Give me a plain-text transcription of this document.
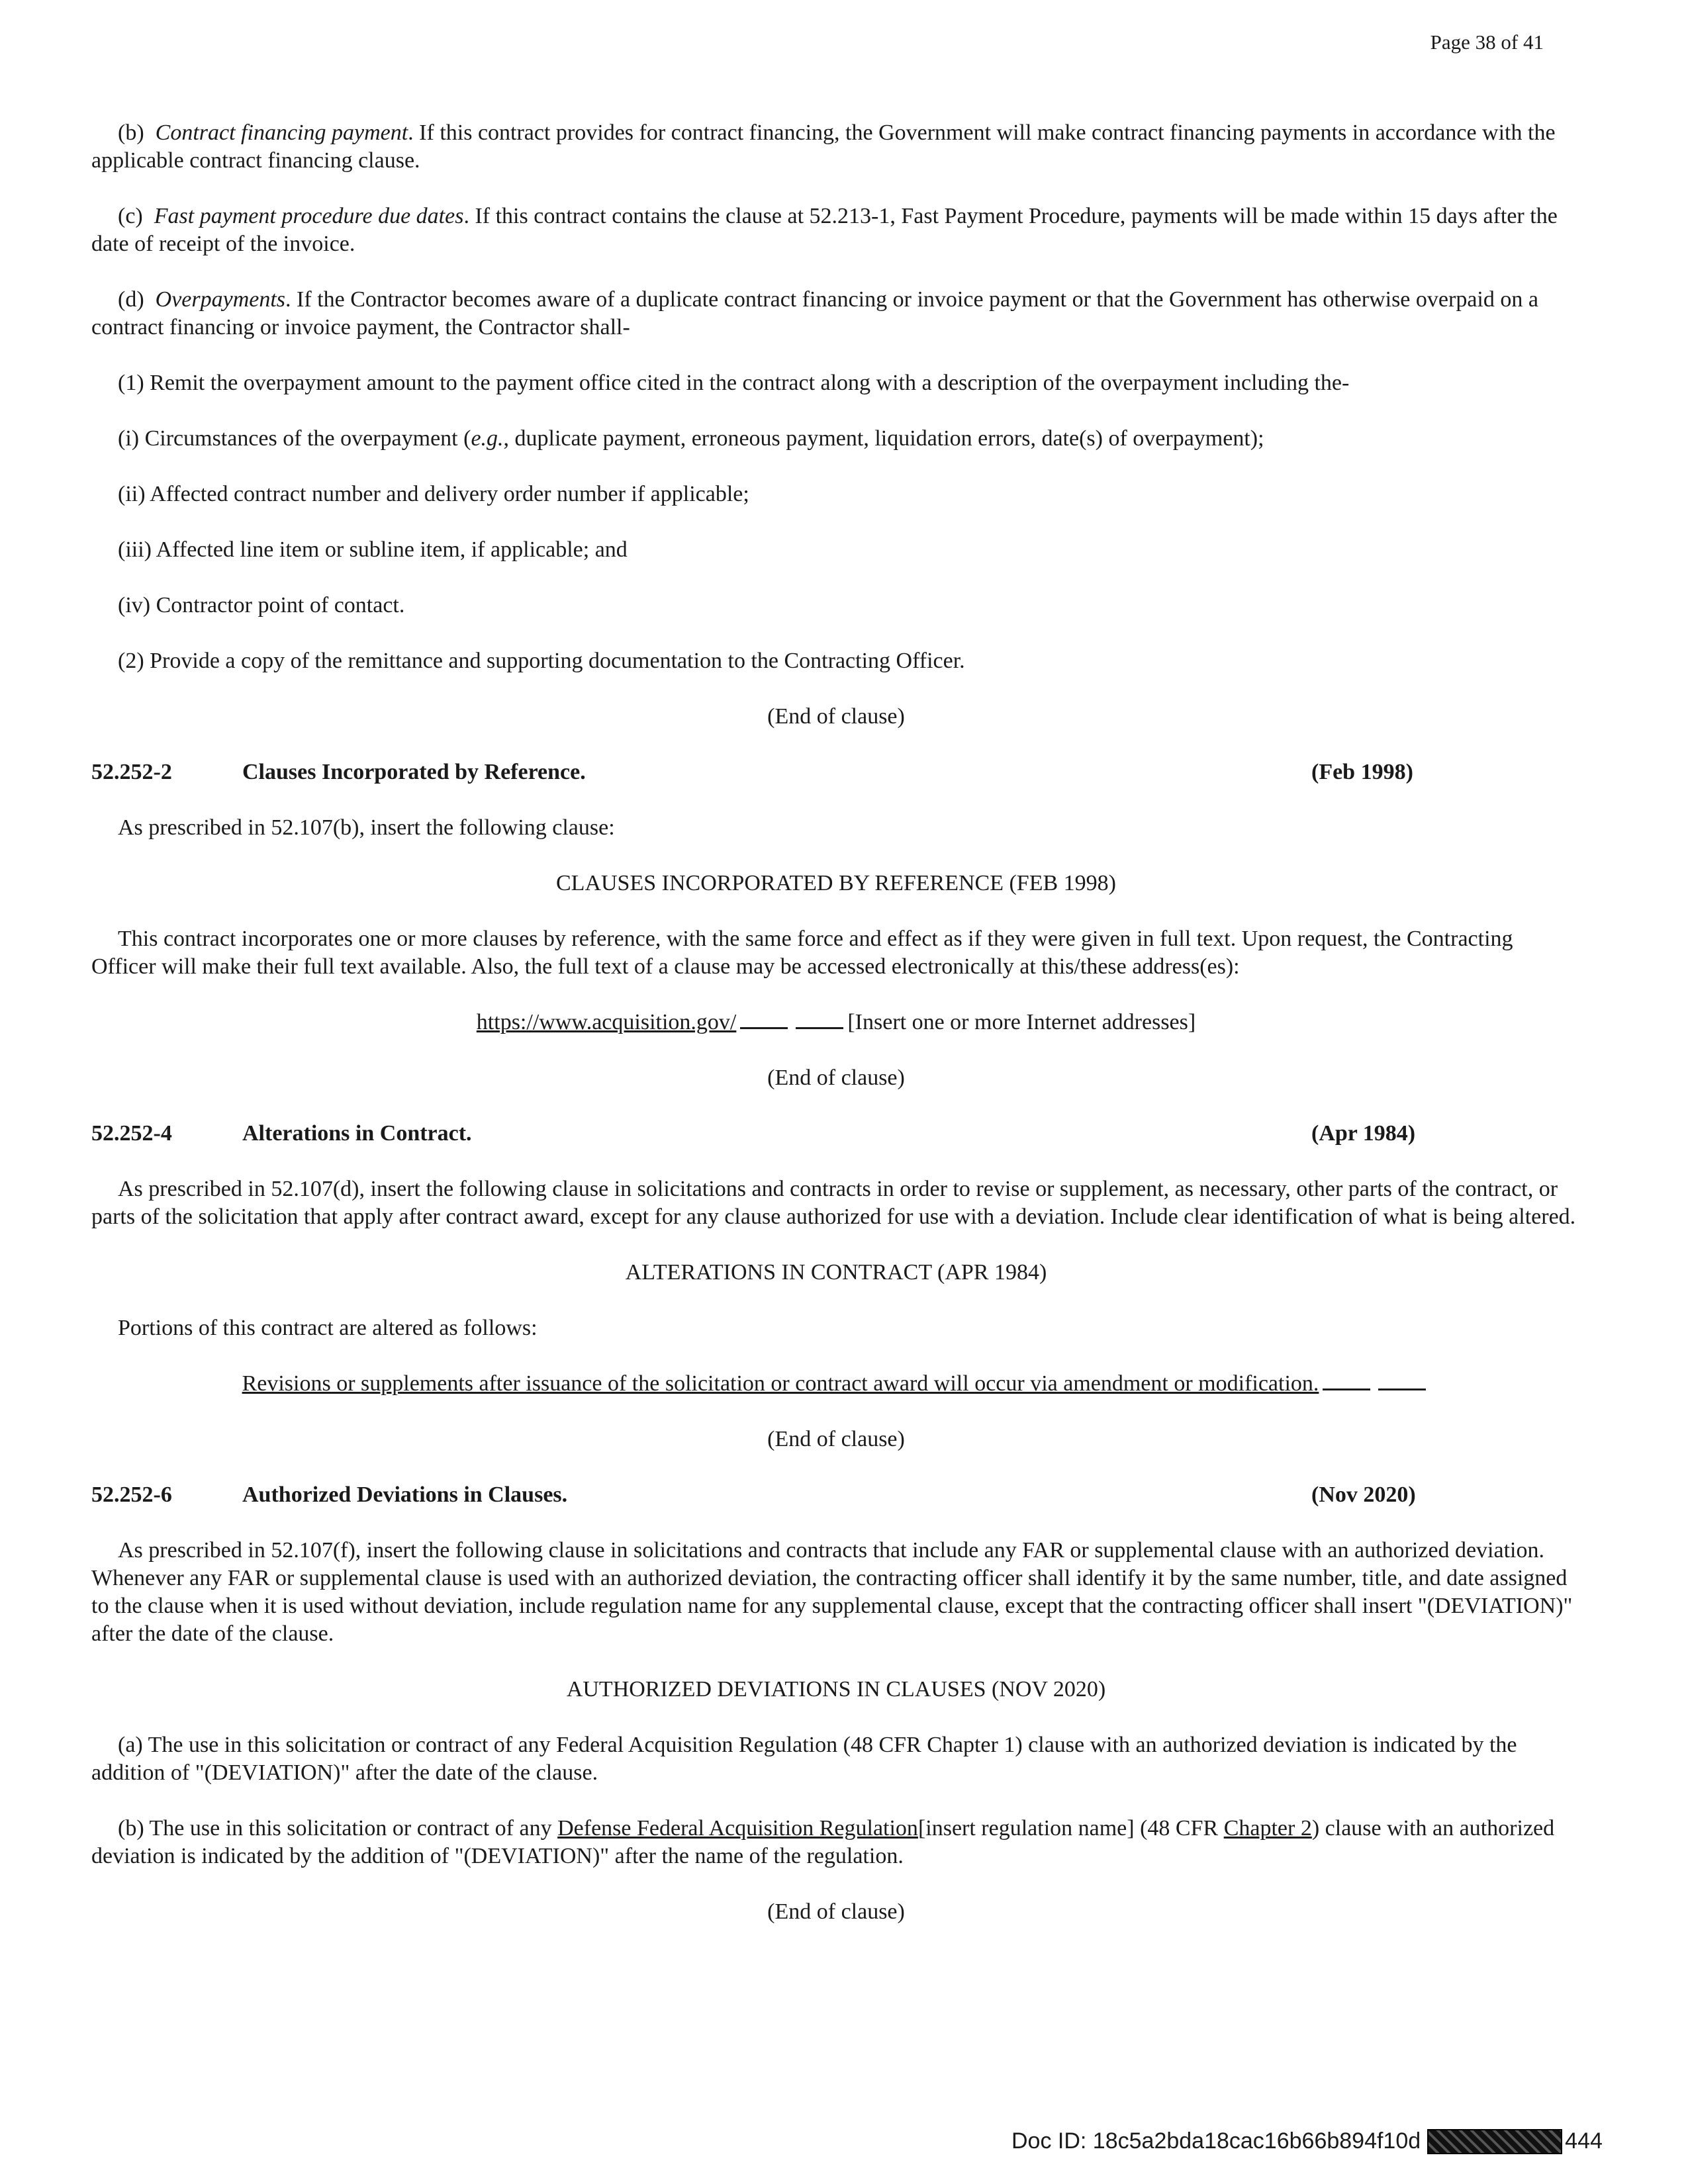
Page 38 of 41

(b) Contract financing payment. If this contract provides for contract financing, the Government will make contract financing payments in accordance with the applicable contract financing clause.

(c) Fast payment procedure due dates. If this contract contains the clause at 52.213-1, Fast Payment Procedure, payments will be made within 15 days after the date of receipt of the invoice.

(d) Overpayments. If the Contractor becomes aware of a duplicate contract financing or invoice payment or that the Government has otherwise overpaid on a contract financing or invoice payment, the Contractor shall-

(1) Remit the overpayment amount to the payment office cited in the contract along with a description of the overpayment including the-

(i) Circumstances of the overpayment (e.g., duplicate payment, erroneous payment, liquidation errors, date(s) of overpayment);

(ii) Affected contract number and delivery order number if applicable;

(iii) Affected line item or subline item, if applicable; and

(iv) Contractor point of contact.

(2) Provide a copy of the remittance and supporting documentation to the Contracting Officer.

(End of clause)

52.252-2	Clauses Incorporated by Reference.	(Feb 1998)

As prescribed in 52.107(b), insert the following clause:

CLAUSES INCORPORATED BY REFERENCE (FEB 1998)

This contract incorporates one or more clauses by reference, with the same force and effect as if they were given in full text. Upon request, the Contracting Officer will make their full text available. Also, the full text of a clause may be accessed electronically at this/these address(es):

https://www.acquisition.gov/	[Insert one or more Internet addresses]

(End of clause)

52.252-4	Alterations in Contract.	(Apr 1984)

As prescribed in 52.107(d), insert the following clause in solicitations and contracts in order to revise or supplement, as necessary, other parts of the contract, or parts of the solicitation that apply after contract award, except for any clause authorized for use with a deviation. Include clear identification of what is being altered.

ALTERATIONS IN CONTRACT (APR 1984)

Portions of this contract are altered as follows:

Revisions or supplements after issuance of the solicitation or contract award will occur via amendment or modification.

(End of clause)

52.252-6	Authorized Deviations in Clauses.	(Nov 2020)

As prescribed in 52.107(f), insert the following clause in solicitations and contracts that include any FAR or supplemental clause with an authorized deviation. Whenever any FAR or supplemental clause is used with an authorized deviation, the contracting officer shall identify it by the same number, title, and date assigned to the clause when it is used without deviation, include regulation name for any supplemental clause, except that the contracting officer shall insert "(DEVIATION)" after the date of the clause.

AUTHORIZED DEVIATIONS IN CLAUSES (NOV 2020)

(a) The use in this solicitation or contract of any Federal Acquisition Regulation (48 CFR Chapter 1) clause with an authorized deviation is indicated by the addition of "(DEVIATION)" after the date of the clause.

(b) The use in this solicitation or contract of any Defense Federal Acquisition Regulation[insert regulation name] (48 CFR Chapter 2) clause with an authorized deviation is indicated by the addition of "(DEVIATION)" after the name of the regulation.

(End of clause)

Doc ID: 18c5a2bda18cac16b66b894f10d	444
